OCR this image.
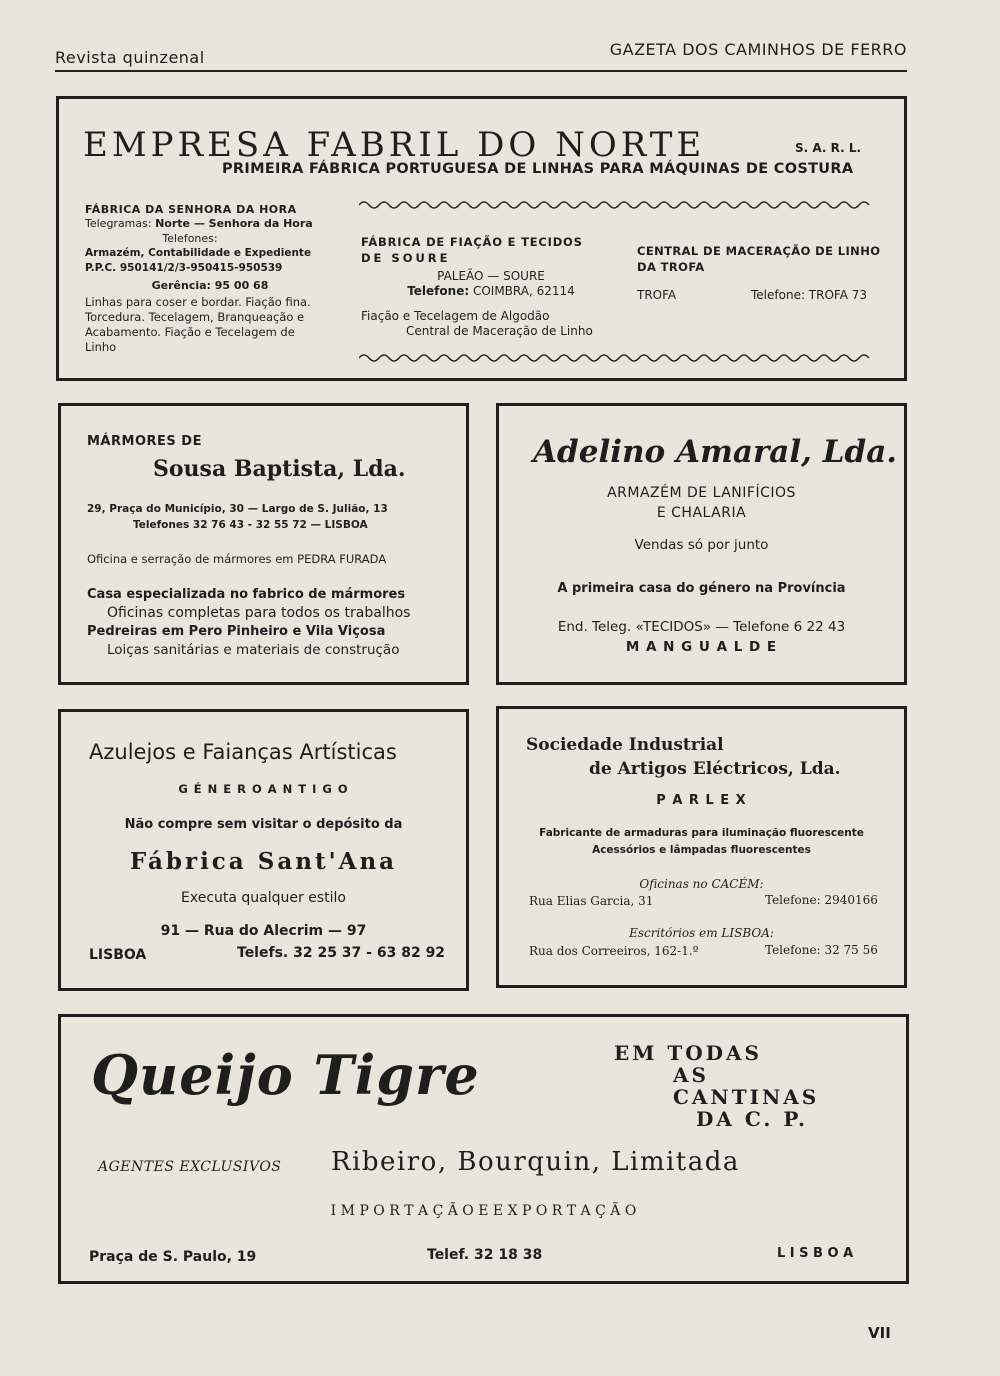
Revista quinzenal	GAZETA DOS CAMINHOS DE FERRO
EMPRESA FABRIL DO NORTE	S. A. R. L.
PRIMEIRA FÁBRICA PORTUGUESA DE LINHAS PARA MÁQUINAS DE COSTURA
FÁBRICA DA SENHORA DA HORA
Telegramas: Norte — Senhora da Hora
Telefones:
Armazém, Contabilidade e Expediente
P.P.C. 950141/2/3-950415-950539
Gerência: 95 00 68
Linhas para coser e bordar. Fiação fina. Torcedura. Tecelagem, Branqueação e Acabamento. Fiação e Tecelagem de Linho
FÁBRICA DE FIAÇÃO E TECIDOS
DE SOURE
PALEÃO — SOURE
Telefone: COIMBRA, 62114
Fiação e Tecelagem de Algodão
Central de Maceração de Linho
CENTRAL DE MACERAÇÃO DE LINHO
DA TROFA
TROFA	Telefone: TROFA 73
MÁRMORES DE
Sousa Baptista, Lda.
29, Praça do Município, 30 — Largo de S. Julião, 13
Telefones 32 76 43 - 32 55 72 — LISBOA
Oficina e serração de mármores em PEDRA FURADA
Casa especializada no fabrico de mármores
Oficinas completas para todos os trabalhos
Pedreiras em Pero Pinheiro e Vila Viçosa
Loiças sanitárias e materiais de construção
Adelino Amaral, Lda.
ARMAZÉM DE LANIFÍCIOS
E CHALARIA
Vendas só por junto
A primeira casa do género na Província
End. Teleg. «TECIDOS» — Telefone 6 22 43
M A N G U A L D E
Azulejos e Faianças Artísticas
G É N E R O A N T I G O
Não compre sem visitar o depósito da
Fábrica Sant'Ana
Executa qualquer estilo
91 — Rua do Alecrim — 97
LISBOA	Telefs. 32 25 37 - 63 82 92
Sociedade Industrial
de Artigos Eléctricos, Lda.
P A R L E X
Fabricante de armaduras para iluminação fluorescente
Acessórios e lâmpadas fluorescentes
Oficinas no CACÉM:
Rua Elias Garcia, 31	Telefone: 2940166
Escritórios em LISBOA:
Rua dos Correeiros, 162-1.º	Telefone: 32 75 56
Queijo Tigre	EM TODAS
AS
CANTINAS
DA C. P.
AGENTES EXCLUSIVOS Ribeiro, Bourquin, Limitada
I M P O R T A Ç Ã O E E X P O R T A Ç Ã O
Praça de S. Paulo, 19	Telef. 32 18 38	L I S B O A
VII
